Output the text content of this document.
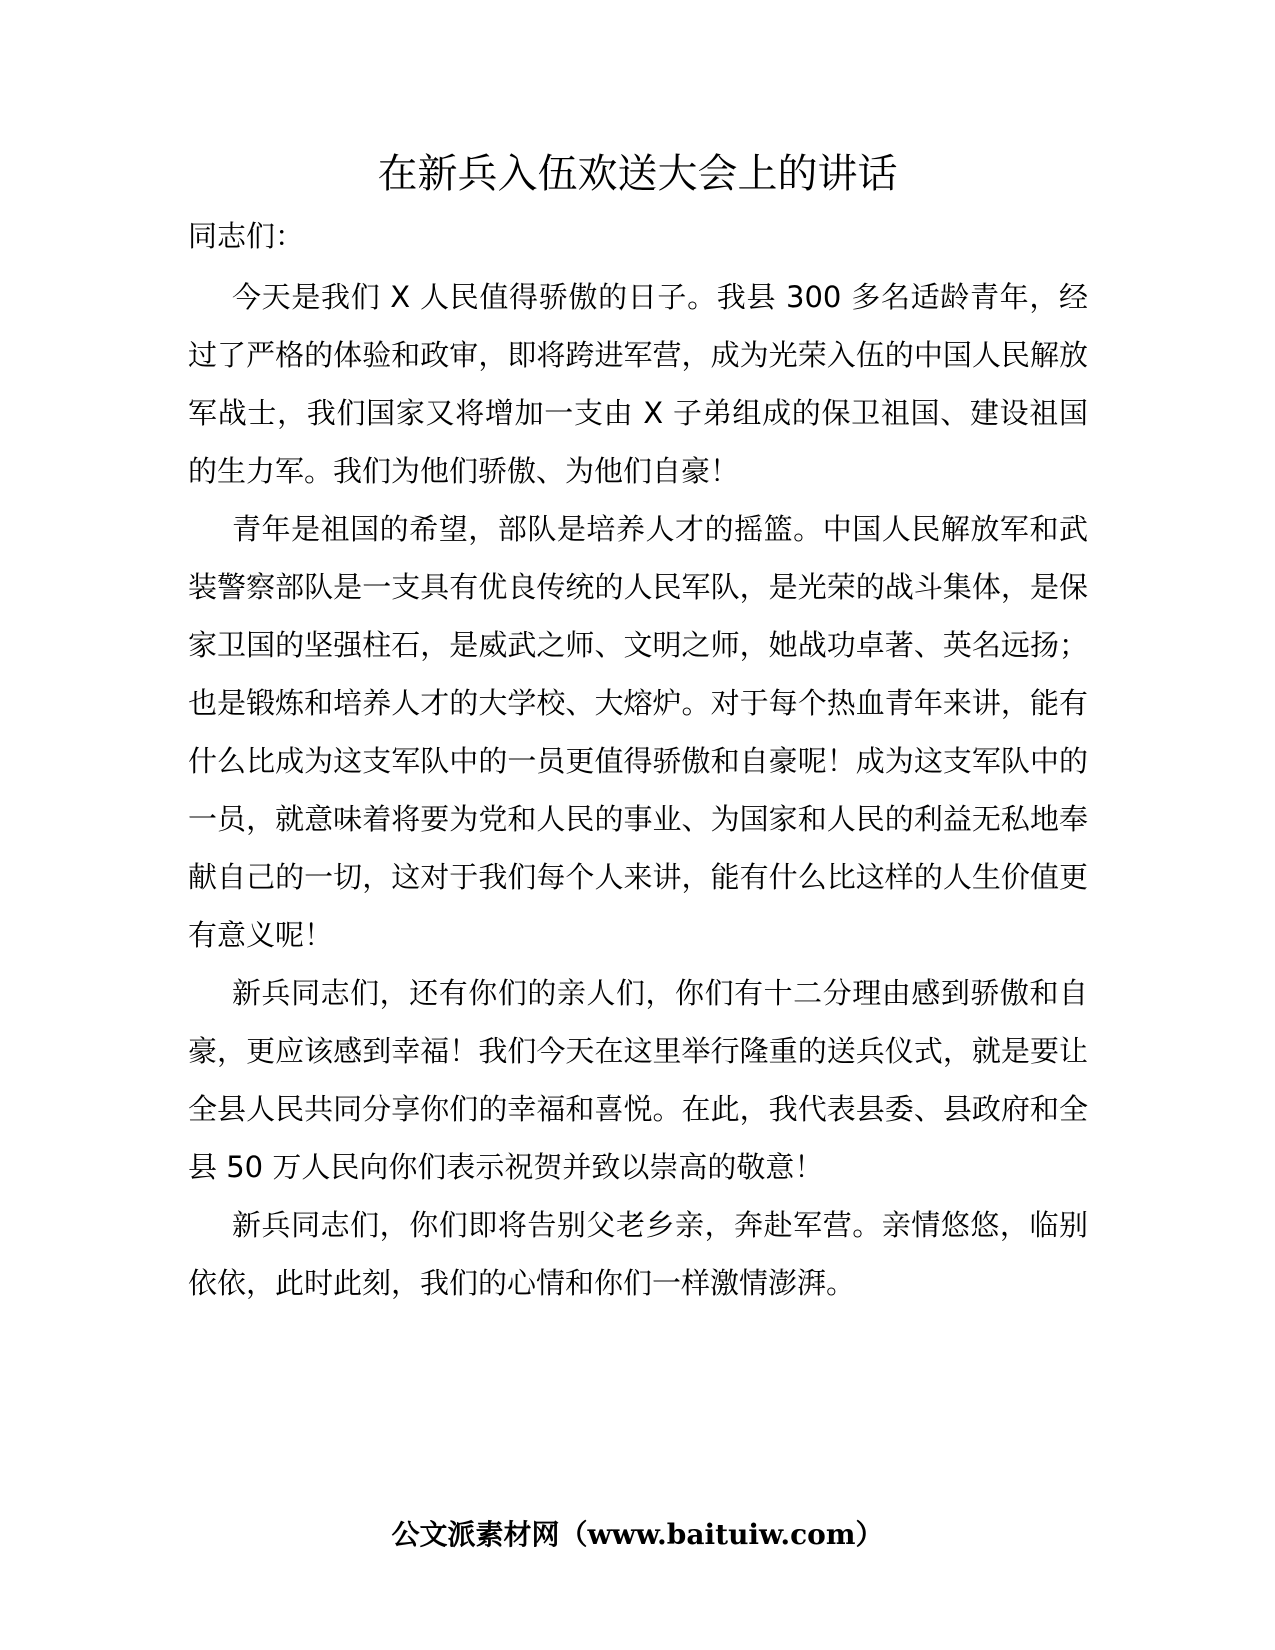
在新兵入伍欢送大会上的讲话
同志们：

今天是我们 X 人民值得骄傲的日子。我县 300 多名适龄青年，经过了严格的体验和政审，即将跨进军营，成为光荣入伍的中国人民解放军战士，我们国家又将增加一支由 X 子弟组成的保卫祖国、建设祖国的生力军。我们为他们骄傲、为他们自豪！

青年是祖国的希望，部队是培养人才的摇篮。中国人民解放军和武装警察部队是一支具有优良传统的人民军队，是光荣的战斗集体，是保家卫国的坚强柱石，是威武之师、文明之师，她战功卓著、英名远扬；也是锻炼和培养人才的大学校、大熔炉。对于每个热血青年来讲，能有什么比成为这支军队中的一员更值得骄傲和自豪呢！成为这支军队中的一员，就意味着将要为党和人民的事业、为国家和人民的利益无私地奉献自己的一切，这对于我们每个人来讲，能有什么比这样的人生价值更有意义呢！

新兵同志们，还有你们的亲人们，你们有十二分理由感到骄傲和自豪，更应该感到幸福！我们今天在这里举行隆重的送兵仪式，就是要让全县人民共同分享你们的幸福和喜悦。在此，我代表县委、县政府和全县 50 万人民向你们表示祝贺并致以崇高的敬意！

新兵同志们，你们即将告别父老乡亲，奔赴军营。亲情悠悠，临别依依，此时此刻，我们的心情和你们一样激情澎湃。

公文派素材网（www.baituiw.com）
